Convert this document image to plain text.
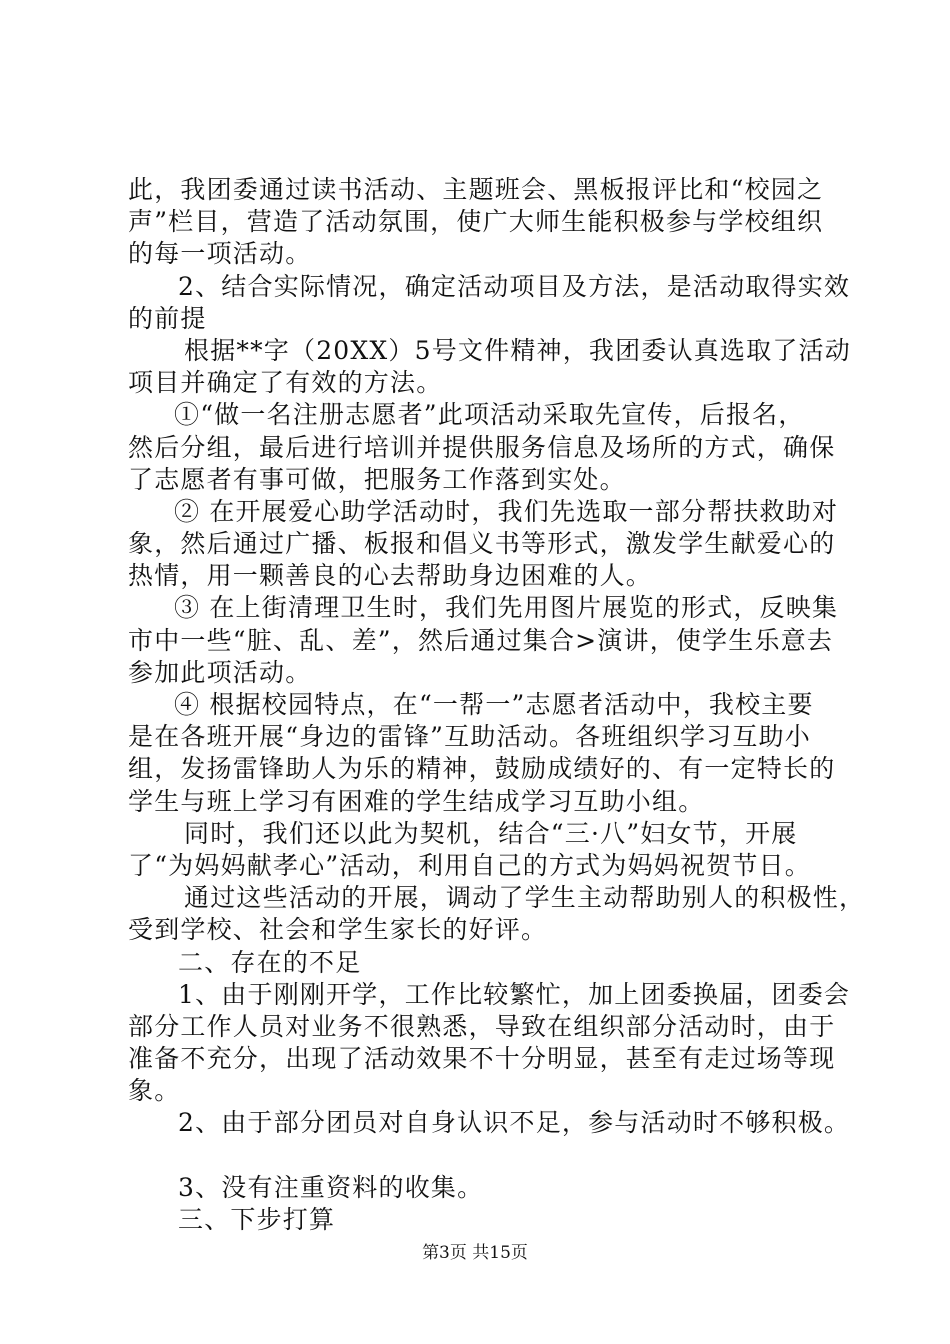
此，我团委通过读书活动、主题班会、黑板报评比和“校园之
声”栏目，营造了活动氛围，使广大师生能积极参与学校组织
的每一项活动。
2、结合实际情况，确定活动项目及方法，是活动取得实效
的前提
根据**字（20XX）5号文件精神，我团委认真选取了活动
项目并确定了有效的方法。
①“做一名注册志愿者”此项活动采取先宣传，后报名，
然后分组，最后进行培训并提供服务信息及场所的方式，确保
了志愿者有事可做，把服务工作落到实处。
② 在开展爱心助学活动时，我们先选取一部分帮扶救助对
象，然后通过广播、板报和倡义书等形式，激发学生献爱心的
热情，用一颗善良的心去帮助身边困难的人。
③ 在上街清理卫生时，我们先用图片展览的形式，反映集
市中一些“脏、乱、差”，然后通过集合>演讲，使学生乐意去
参加此项活动。
④ 根据校园特点，在“一帮一”志愿者活动中，我校主要
是在各班开展“身边的雷锋”互助活动。各班组织学习互助小
组，发扬雷锋助人为乐的精神，鼓励成绩好的、有一定特长的
学生与班上学习有困难的学生结成学习互助小组。
同时，我们还以此为契机，结合“三·八”妇女节，开展
了“为妈妈献孝心”活动，利用自己的方式为妈妈祝贺节日。
通过这些活动的开展，调动了学生主动帮助别人的积极性，
受到学校、社会和学生家长的好评。
二、存在的不足
1、由于刚刚开学，工作比较繁忙，加上团委换届，团委会
部分工作人员对业务不很熟悉，导致在组织部分活动时，由于
准备不充分，出现了活动效果不十分明显，甚至有走过场等现
象。
2、由于部分团员对自身认识不足，参与活动时不够积极。
3、没有注重资料的收集。
三、下步打算
第3页 共15页
